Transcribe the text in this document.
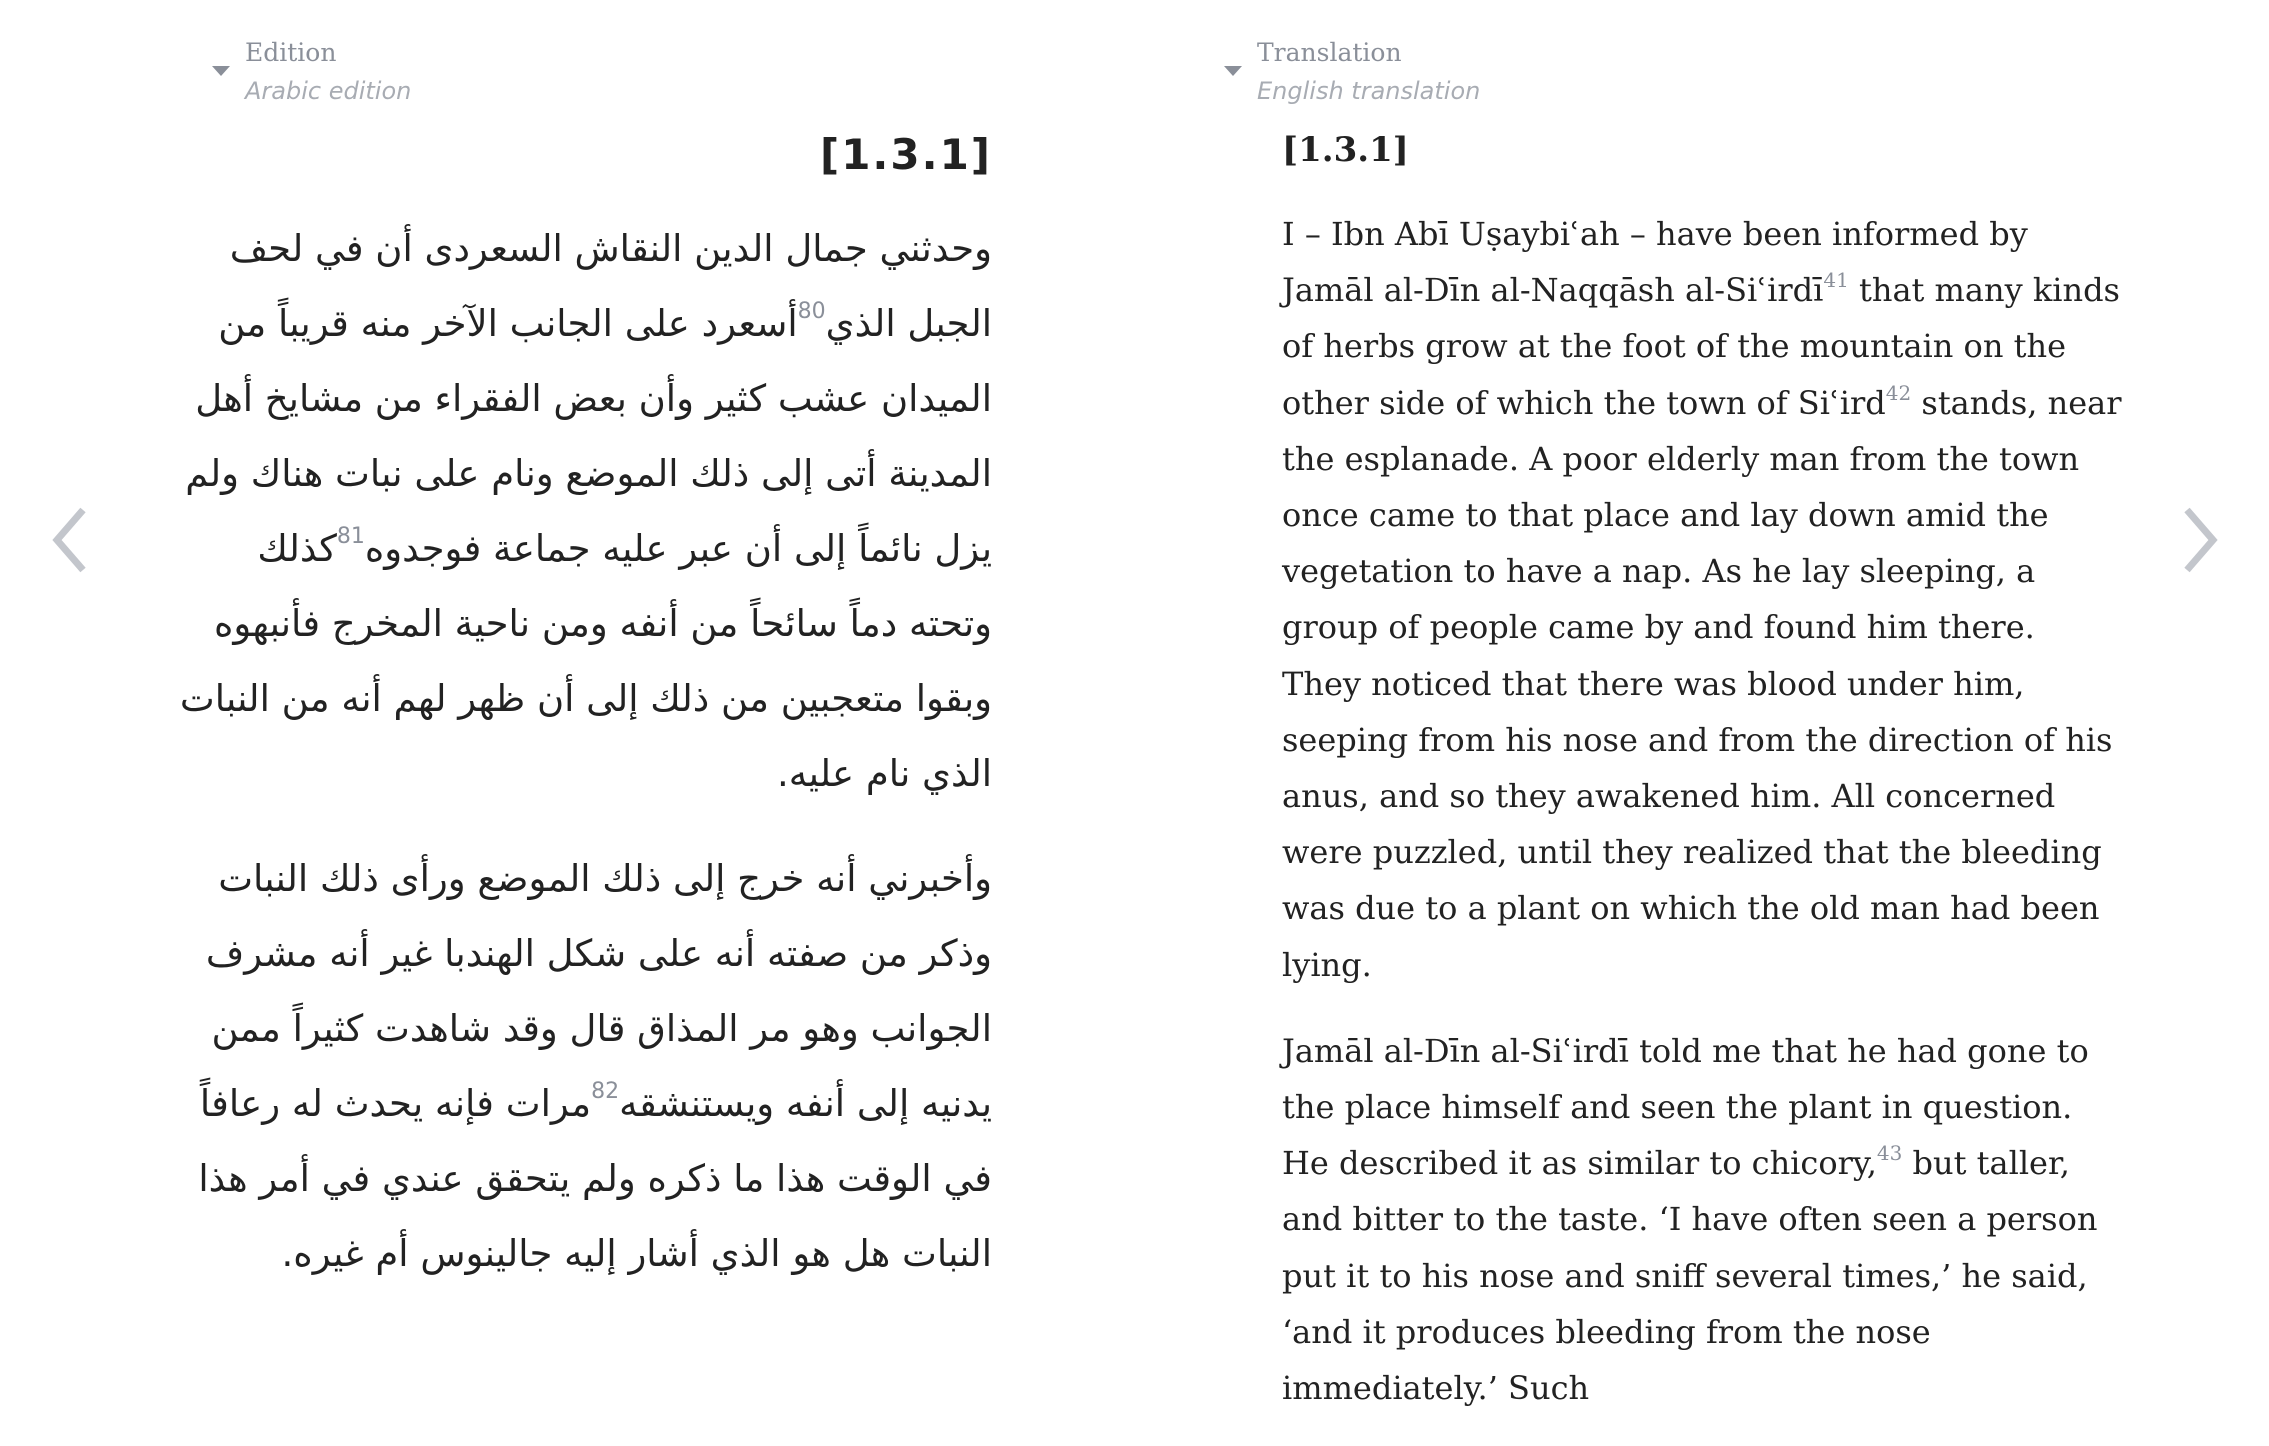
Edition
Arabic edition
Translation
English translation
[1.3.1]

وحدثني جمال الدين النقاش السعردى أن في لحف الجبل الذي$^{80}$أسعرد على الجانب الآخر منه قريباً من الميدان عشب كثير وأن بعض الفقراء من مشايخ أهل المدينة أتى إلى ذلك الموضع ونام على نبات هناك ولم يزل نائماً إلى أن عبر عليه جماعة فوجدوه$^{81}$كذلك وتحته دماً سائحاً من أنفه ومن ناحية المخرج فأنبهوه وبقوا متعجبين من ذلك إلى أن ظهر لهم أنه من النبات الذي نام عليه.

وأخبرني أنه خرج إلى ذلك الموضع ورأى ذلك النبات وذكر من صفته أنه على شكل الهندبا غير أنه مشرف الجوانب وهو مر المذاق قال وقد شاهدت كثيراً ممن يدنيه إلى أنفه ويستنشقه$^{82}$مرات فإنه يحدث له رعافاً في الوقت هذا ما ذكره ولم يتحقق عندي في أمر هذا النبات هل هو الذي أشار إليه جالينوس أم غيره.

[1.3.1]

I – Ibn Abī Uṣaybiʿah – have been informed by Jamāl al-Dīn al-Naqqāsh al-Siʿirdī$^{41}$ that many kinds of herbs grow at the foot of the mountain on the other side of which the town of Siʿird$^{42}$ stands, near the esplanade. A poor elderly man from the town once came to that place and lay down amid the vegetation to have a nap. As he lay sleeping, a group of people came by and found him there. They noticed that there was blood under him, seeping from his nose and from the direction of his anus, and so they awakened him. All concerned were puzzled, until they realized that the bleeding was due to a plant on which the old man had been lying.

Jamāl al-Dīn al-Siʿirdī told me that he had gone to the place himself and seen the plant in question. He described it as similar to chicory,$^{43}$ but taller, and bitter to the taste. ‘I have often seen a person put it to his nose and sniff several times,’ he said, ‘and it produces bleeding from the nose immediately.’ Such
